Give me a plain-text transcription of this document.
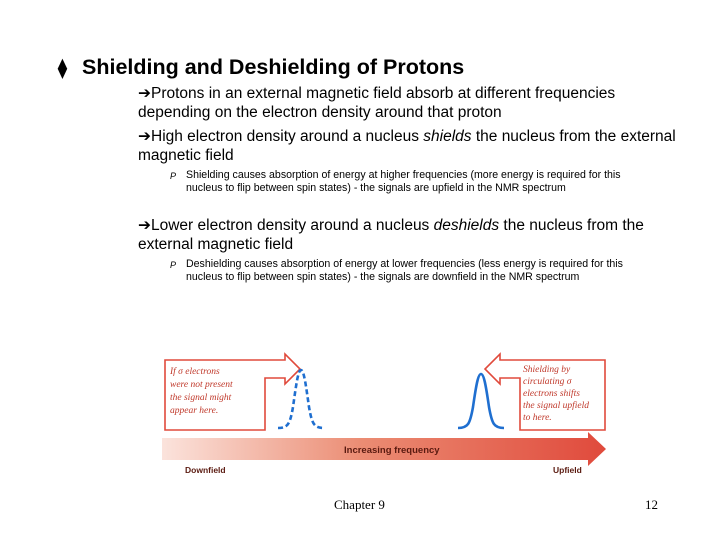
⧫ Shielding and Deshielding of Protons
➔Protons in an external magnetic field absorb at different frequencies depending on the electron density around that proton
➔High electron density around a nucleus shields the nucleus from the external magnetic field
P Shielding causes absorption of energy at higher frequencies (more energy is required for this nucleus to flip between spin states) - the signals are upfield in the NMR spectrum
➔Lower electron density around a nucleus deshields the nucleus from the external magnetic field
P Deshielding causes absorption of energy at lower frequencies (less energy is required for this nucleus to flip between spin states) - the signals are downfield in the NMR spectrum
If σ electrons
were not present
the signal might
appear here.
Shielding by
circulating σ
electrons shifts
the signal upfield
to here.
Increasing frequency
Downfield	Upfield
Chapter 9	12
